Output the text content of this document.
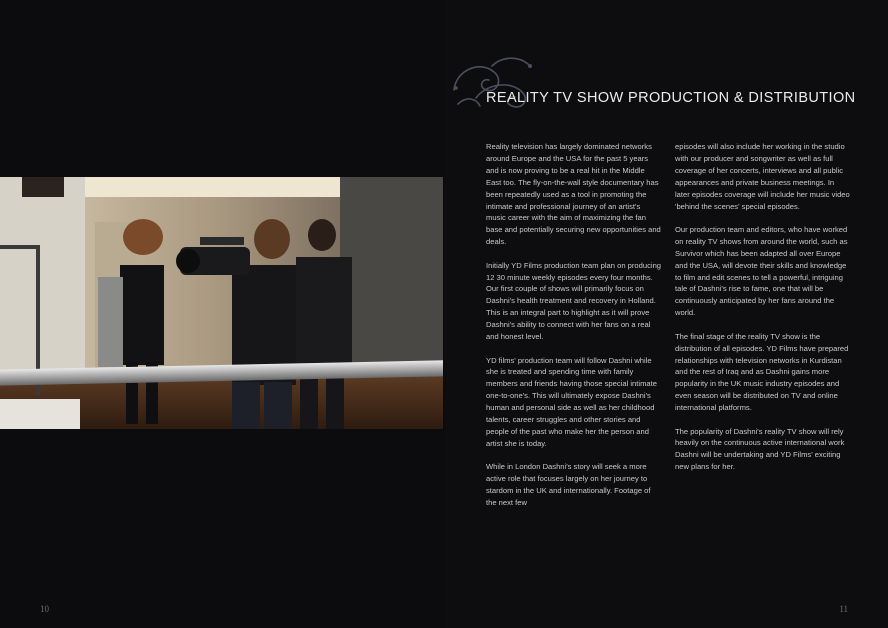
10	11
REALITY TV SHOW PRODUCTION & DISTRIBUTION

Reality television has largely dominated networks around Europe and the USA for the past 5 years and is now proving to be a real hit in the Middle East too. The fly-on-the-wall style documentary has been repeatedly used as a tool in promoting the intimate and professional journey of an artist's music career with the aim of maximizing the fan base and potentially securing new opportunities and deals.

Initially YD Films production team plan on producing 12 30 minute weekly episodes every four months. Our first couple of shows will primarily focus on Dashni's health treatment and recovery in Holland. This is an integral part to highlight as it will prove Dashni's ability to connect with her fans on a real and honest level.

YD films' production team will follow Dashni while she is treated and spending time with family members and friends having those special intimate one-to-one's. This will ultimately expose Dashni's human and personal side as well as her childhood talents, career struggles and other stories and people of the past who make her the person and artist she is today.

While in London Dashni's story will seek a more active role that focuses largely on her journey to stardom in the UK and internationally. Footage of the next few

episodes will also include her working in the studio with our producer and songwriter as well as full coverage of her concerts, interviews and all public appearances and private business meetings. In later episodes coverage will include her music video 'behind the scenes' special episodes.

Our production team and editors, who have worked on reality TV shows from around the world, such as Survivor which has been adapted all over Europe and the USA, will devote their skills and knowledge to film and edit scenes to tell a powerful, intriguing tale of Dashni's rise to fame, one that will be continuously anticipated by her fans around the world.

The final stage of the reality TV show is the distribution of all episodes. YD Films have prepared relationships with television networks in Kurdistan and the rest of Iraq and as Dashni gains more popularity in the UK music industry episodes and even season will be distributed on TV and online international platforms.

The popularity of Dashni's reality TV show will rely heavily on the continuous active international work Dashni will be undertaking and YD Films' exciting new plans for her.
